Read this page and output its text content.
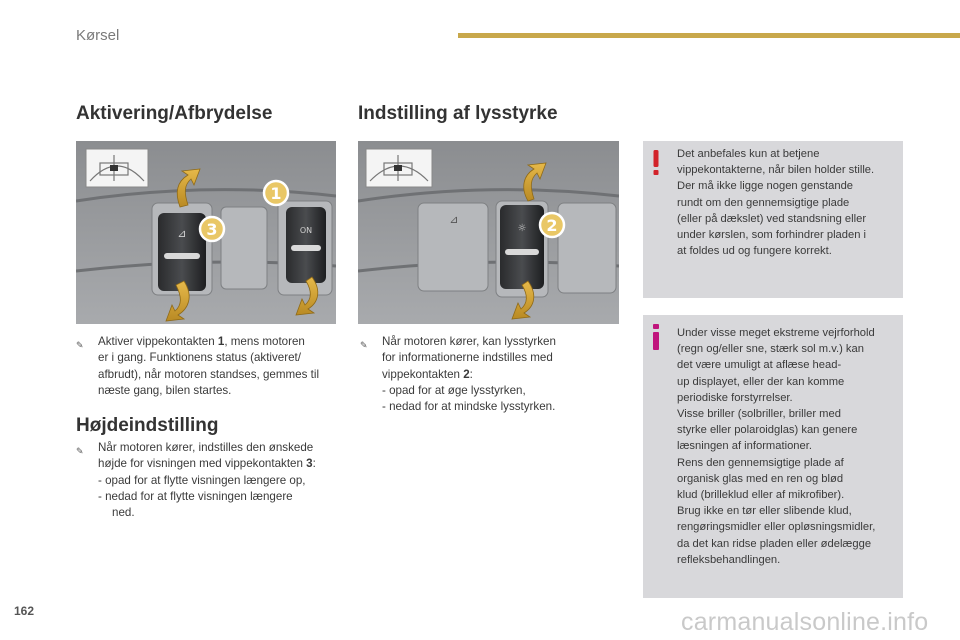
Kørsel
Aktivering/Afbrydelse
⊿	ON
3
1
✎ Aktiver vippekontakten 1, mens motoren
er i gang. Funktionens status (aktiveret/
afbrudt), når motoren standses, gemmes til
næste gang, bilen startes.
Højdeindstilling
✎ Når motoren kører, indstilles den ønskede
højde for visningen med vippekontakten 3:
- opad for at flytte visningen længere op,
- nedad for at flytte visningen længere
ned.
Indstilling af lysstyrke
⊿
☼ 2
✎ Når motoren kører, kan lysstyrken
for informationerne indstilles med
vippekontakten 2:
- opad for at øge lysstyrken,
- nedad for at mindske lysstyrken.
Det anbefales kun at betjene
vippekontakterne, når bilen holder stille.
Der må ikke ligge nogen genstande
rundt om den gennemsigtige plade
(eller på dækslet) ved standsning eller
under kørslen, som forhindrer pladen i
at foldes ud og fungere korrekt.
Under visse meget ekstreme vejrforhold
(regn og/eller sne, stærk sol m.v.) kan
det være umuligt at aflæse head-
up displayet, eller der kan komme
periodiske forstyrrelser.
Visse briller (solbriller, briller med
styrke eller polaroidglas) kan genere
læsningen af informationer.
Rens den gennemsigtige plade af
organisk glas med en ren og blød
klud (brilleklud eller af mikrofiber).
Brug ikke en tør eller slibende klud,
rengøringsmidler eller opløsningsmidler,
da det kan ridse pladen eller ødelægge
refleksbehandlingen.
162	carmanualsonline.info
